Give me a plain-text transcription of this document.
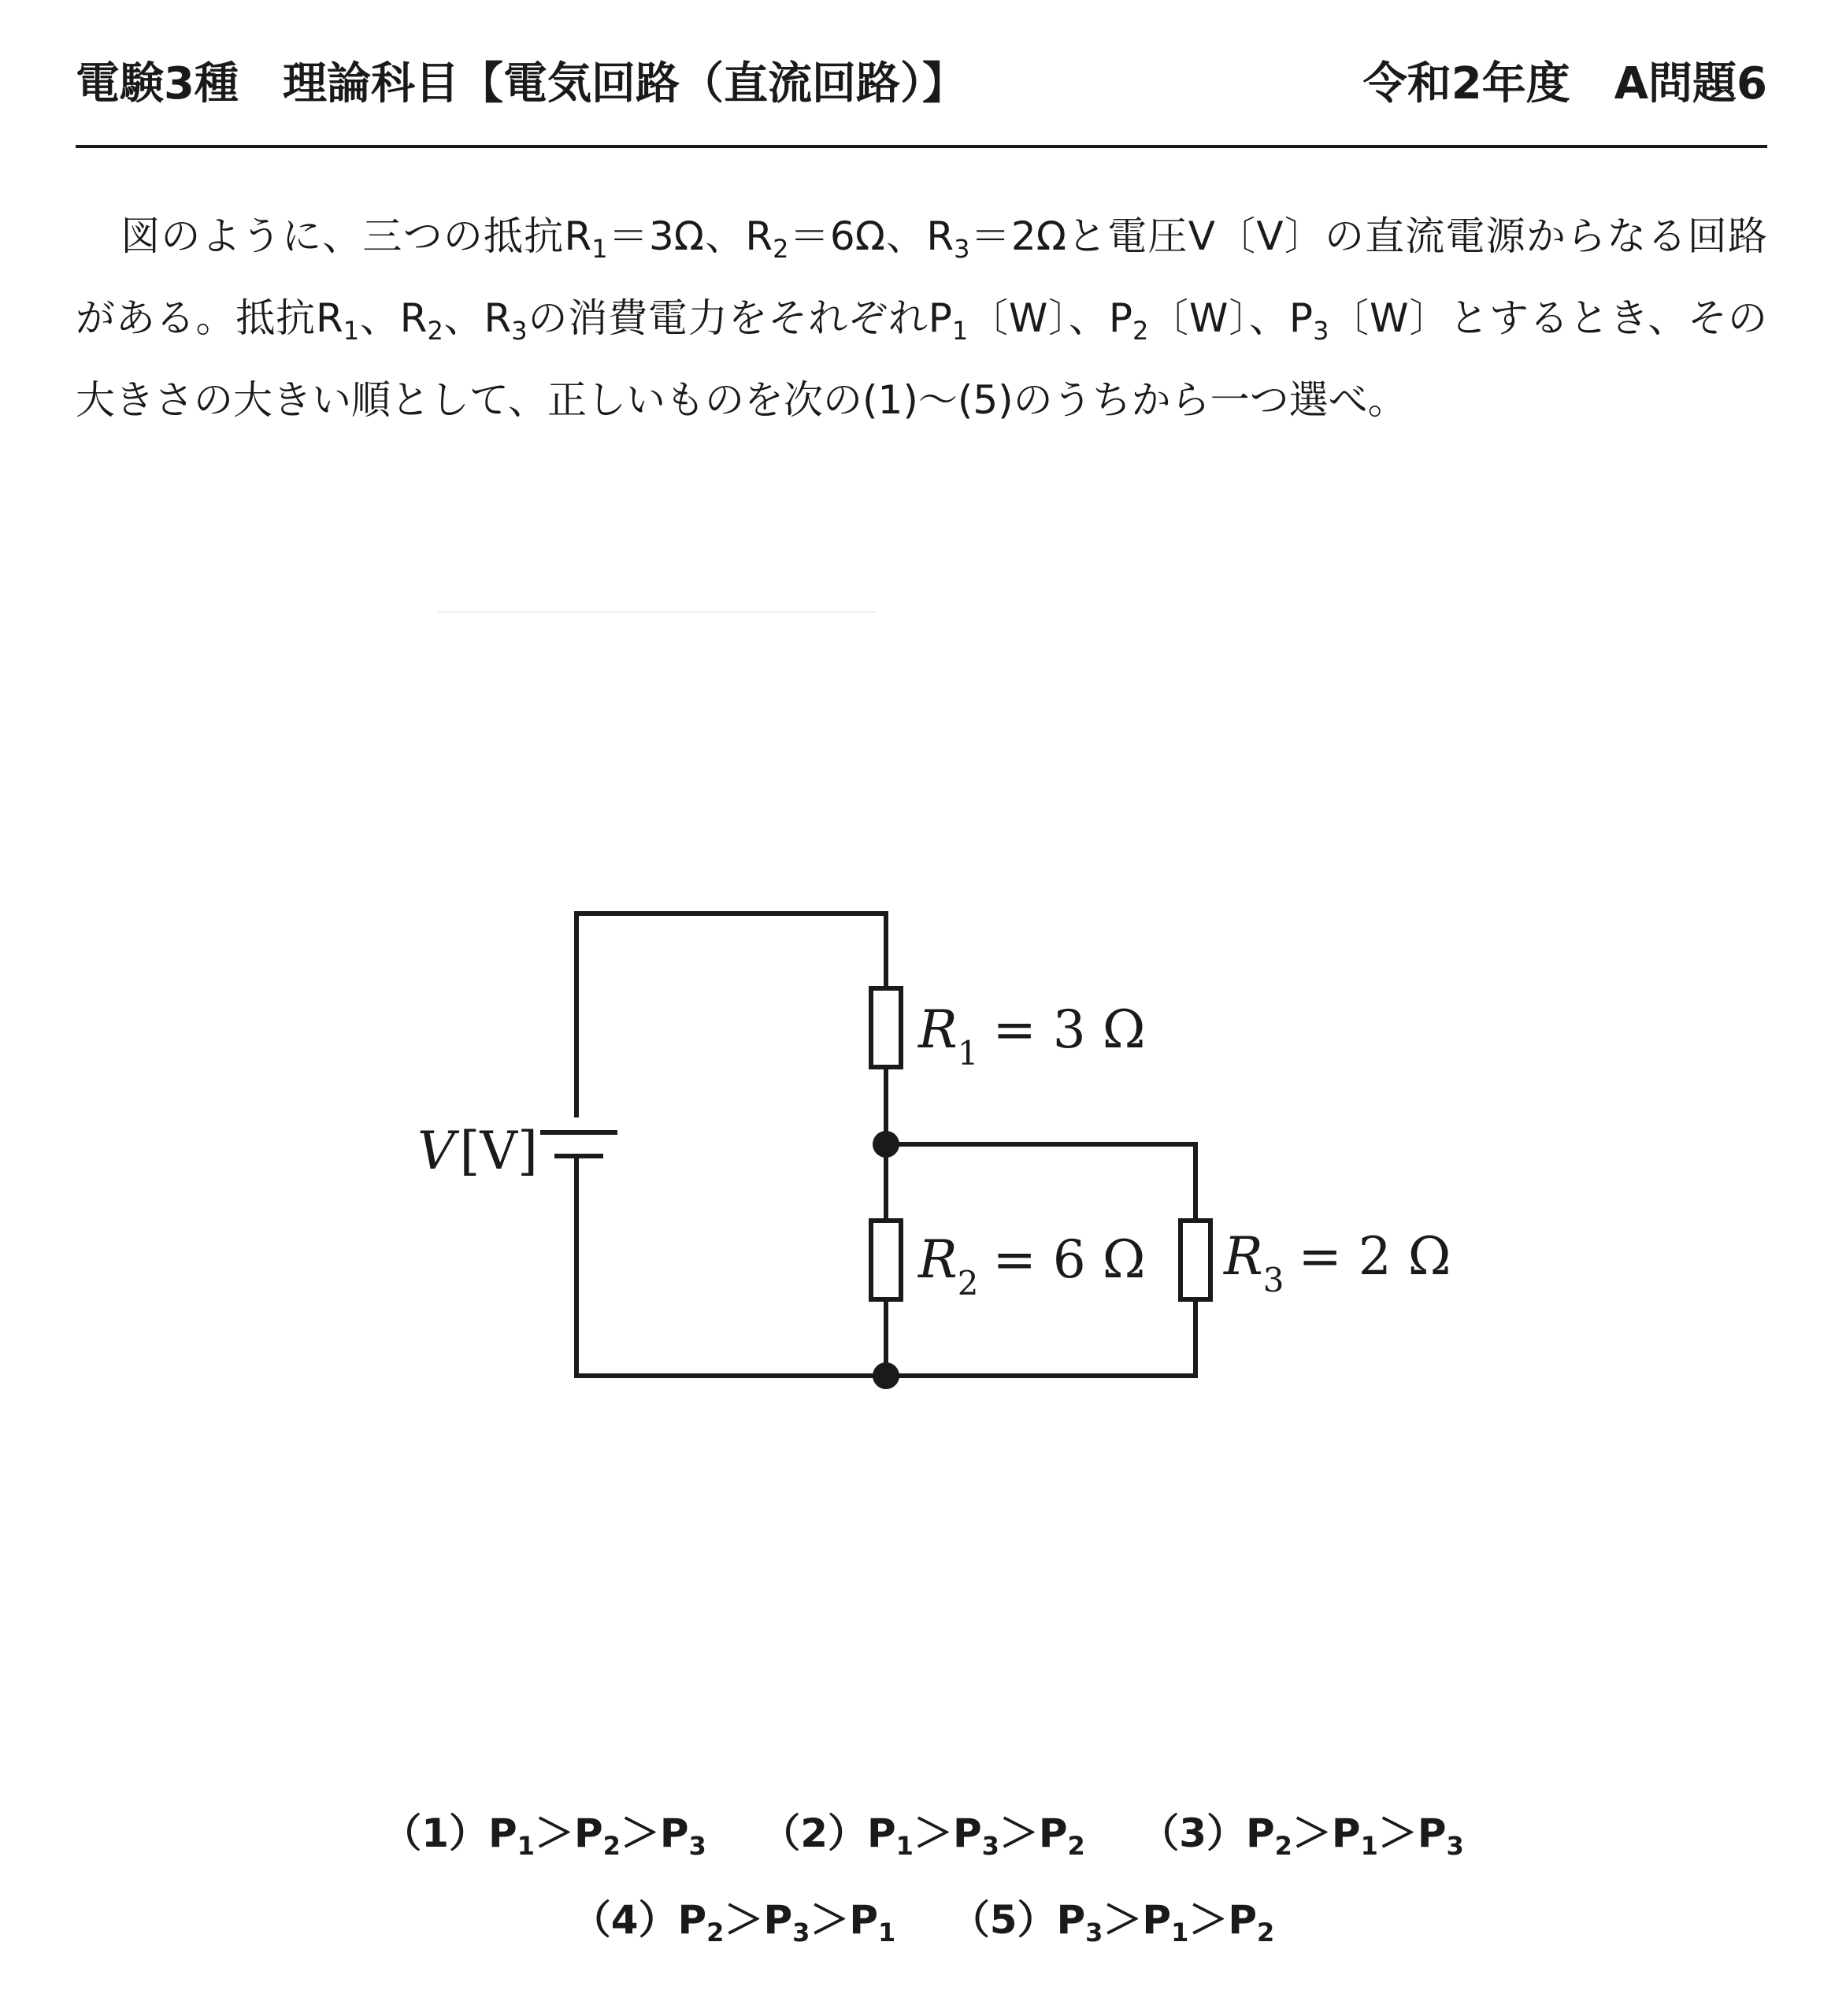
電験3種　理論科目【電気回路（直流回路）】	令和2年度　A問題6
図のように、三つの抵抗$R_1=3\Omega$、$R_2=6\Omega$、$R_3=2\Omega$と電圧V〔V〕の直流電源からなる回路がある。抵抗$R_1$、$R_2$、$R_3$の消費電力をそれぞれ$P_1$〔W〕、$P_2$〔W〕、$P_3$〔W〕とするとき、その大きさの大きい順として、正しいものを次の(1)～(5)のうちから一つ選べ。
V[V]
$R_1 = 3$ Ω
$R_2 = 6$ Ω $R_3 = 2$ Ω
$(1)P_1>P_2>P_3$ $(2)P_1>P_3>P_2$ $(3)P_2>P_1>P_3$
$(4)P_2>P_3>P_1$ $(5)P_3>P_1>P_2$
